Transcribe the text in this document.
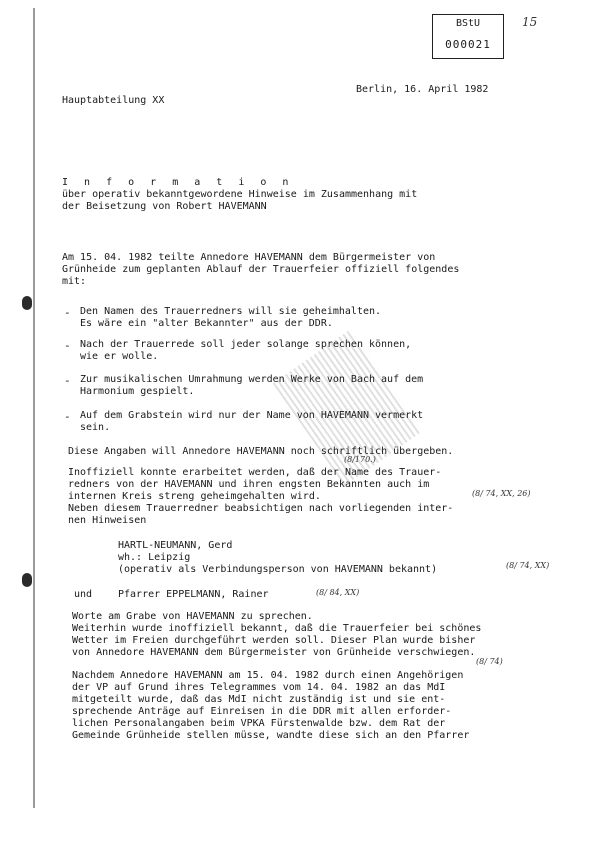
BStU
000021
15
Hauptabteilung XX
Berlin, 16. April 1982
I n f o r m a t i o n
über operativ bekanntgewordene Hinweise im Zusammenhang mit
der Beisetzung von Robert HAVEMANN
Am 15. 04. 1982 teilte Annedore HAVEMANN dem Bürgermeister von
Grünheide zum geplanten Ablauf der Trauerfeier offiziell folgendes
mit:
- Den Namen des Trauerredners will sie geheimhalten.
Es wäre ein "alter Bekannter" aus der DDR.
- Nach der Trauerrede soll jeder solange sprechen können,
wie er wolle.
- Zur musikalischen Umrahmung werden Werke von Bach auf dem
Harmonium gespielt.
- Auf dem Grabstein wird nur der Name von HAVEMANN vermerkt
sein.
Diese Angaben will Annedore HAVEMANN noch schriftlich übergeben.
(8/170.)
Inoffiziell konnte erarbeitet werden, daß der Name des Trauer-
redners von der HAVEMANN und ihren engsten Bekannten auch im
internen Kreis streng geheimgehalten wird.	(8/ 74, XX, 26)
Neben diesem Trauerredner beabsichtigen nach vorliegenden inter-
nen Hinweisen
HARTL-NEUMANN, Gerd
wh.: Leipzig
(operativ als Verbindungsperson von HAVEMANN bekannt)	(8/ 74, XX)
und	Pfarrer EPPELMANN, Rainer	(8/ 84, XX)
Worte am Grabe von HAVEMANN zu sprechen.
Weiterhin wurde inoffiziell bekannt, daß die Trauerfeier bei schönes
Wetter im Freien durchgeführt werden soll. Dieser Plan wurde bisher
von Annedore HAVEMANN dem Bürgermeister von Grünheide verschwiegen.
(8/ 74)
Nachdem Annedore HAVEMANN am 15. 04. 1982 durch einen Angehörigen
der VP auf Grund ihres Telegrammes vom 14. 04. 1982 an das MdI
mitgeteilt wurde, daß das MdI nicht zuständig ist und sie ent-
sprechende Anträge auf Einreisen in die DDR mit allen erforder-
lichen Personalangaben beim VPKA Fürstenwalde bzw. dem Rat der
Gemeinde Grünheide stellen müsse, wandte diese sich an den Pfarrer
